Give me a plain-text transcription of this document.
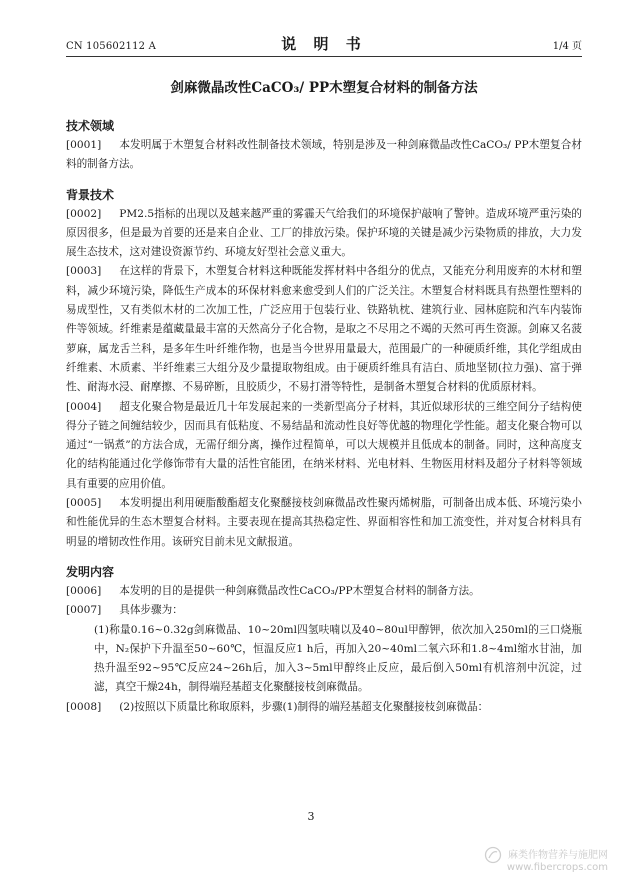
CN 105602112 A	说 明 书	1/4 页
剑麻微晶改性CaCO₃/ PP木塑复合材料的制备方法
技术领域
[0001] 本发明属于木塑复合材料改性制备技术领域，特别是涉及一种剑麻微晶改性CaCO₃/ PP木塑复合材料的制备方法。
背景技术
[0002] PM2.5指标的出现以及越来越严重的雾霾天气给我们的环境保护敲响了警钟。造成环境严重污染的原因很多，但是最为首要的还是来自企业、工厂的排放污染。保护环境的关键是减少污染物质的排放，大力发展生态技术，这对建设资源节约、环境友好型社会意义重大。
[0003] 在这样的背景下，木塑复合材料这种既能发挥材料中各组分的优点，又能充分利用废弃的木材和塑料，减少环境污染，降低生产成本的环保材料愈来愈受到人们的广泛关注。木塑复合材料既具有热塑性塑料的易成型性，又有类似木材的二次加工性，广泛应用于包装行业、铁路轨枕、建筑行业、园林庭院和汽车内装饰件等领域。纤维素是蕴藏量最丰富的天然高分子化合物，是取之不尽用之不竭的天然可再生资源。剑麻又名菠萝麻，属龙舌兰科，是多年生叶纤维作物，也是当今世界用量最大，范围最广的一种硬质纤维，其化学组成由纤维素、木质素、半纤维素三大组分及少量提取物组成。由于硬质纤维具有洁白、质地坚韧(拉力强)、富于弹性、耐海水浸、耐摩擦、不易碎断，且胶质少，不易打滑等特性，是制备木塑复合材料的优质原材料。
[0004] 超支化聚合物是最近几十年发展起来的一类新型高分子材料，其近似球形状的三维空间分子结构使得分子链之间缠结较少，因而具有低粘度、不易结晶和流动性良好等优越的物理化学性能。超支化聚合物可以通过“一锅煮”的方法合成，无需仔细分离，操作过程简单，可以大规模并且低成本的制备。同时，这种高度支化的结构能通过化学修饰带有大量的活性官能团，在纳米材料、光电材料、生物医用材料及超分子材料等领域具有重要的应用价值。
[0005] 本发明提出利用硬脂酸酯超支化聚醚接枝剑麻微晶改性聚丙烯树脂，可制备出成本低、环境污染小和性能优异的生态木塑复合材料。主要表现在提高其热稳定性、界面相容性和加工流变性，并对复合材料具有明显的增韧改性作用。该研究目前未见文献报道。
发明内容
[0006] 本发明的目的是提供一种剑麻微晶改性CaCO₃/PP木塑复合材料的制备方法。
[0007] 具体步骤为：
(1)称量0.16~0.32g剑麻微晶、10~20ml四氢呋喃以及40~80ul甲醇钾，依次加入250ml的三口烧瓶中，N₂保护下升温至50~60℃，恒温反应1 h后，再加入20~40ml二氧六环和1.8~4ml缩水甘油，加热升温至92~95℃反应24~26h后，加入3~5ml甲醇终止反应，最后倒入50ml有机溶剂中沉淀，过滤，真空干燥24h，制得端羟基超支化聚醚接枝剑麻微晶。
[0008] (2)按照以下质量比称取原料，步骤(1)制得的端羟基超支化聚醚接枝剑麻微晶：
3
麻类作物营养与施肥网
www.fibercrops.com
